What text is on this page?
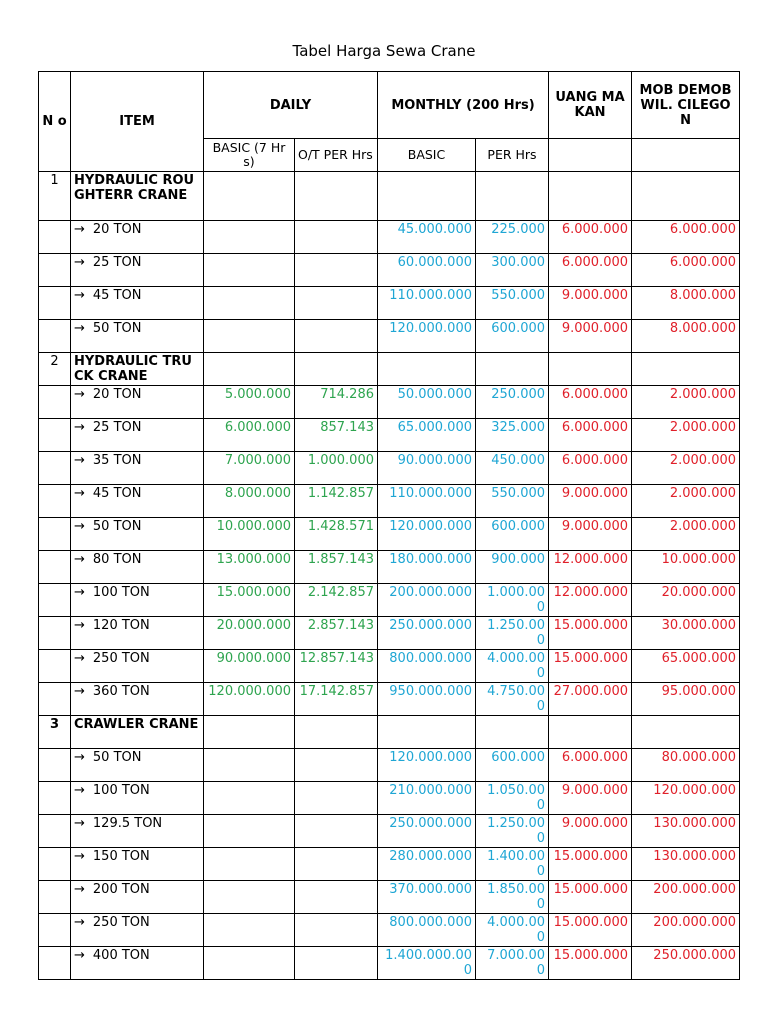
Tabel Harga Sewa Crane
N o	ITEM	DAILY		MONTHLY (200 Hrs)		UANG MAKAN	MOB DEMOB WIL. CILEGON
		BASIC (7 Hrs)	O/T PER Hrs	BASIC	PER Hrs		
1	HYDRAULIC ROUGHTERR CRANE						
	→ 20 TON			45.000.000	225.000	6.000.000	6.000.000
	→ 25 TON			60.000.000	300.000	6.000.000	6.000.000
	→ 45 TON			110.000.000	550.000	9.000.000	8.000.000
	→ 50 TON			120.000.000	600.000	9.000.000	8.000.000
2	HYDRAULIC TRUCK CRANE						
	→ 20 TON	5.000.000	714.286	50.000.000	250.000	6.000.000	2.000.000
	→ 25 TON	6.000.000	857.143	65.000.000	325.000	6.000.000	2.000.000
	→ 35 TON	7.000.000	1.000.000	90.000.000	450.000	6.000.000	2.000.000
	→ 45 TON	8.000.000	1.142.857	110.000.000	550.000	9.000.000	2.000.000
	→ 50 TON	10.000.000	1.428.571	120.000.000	600.000	9.000.000	2.000.000
	→ 80 TON	13.000.000	1.857.143	180.000.000	900.000	12.000.000	10.000.000
	→ 100 TON	15.000.000	2.142.857	200.000.000	1.000.000	12.000.000	20.000.000
	→ 120 TON	20.000.000	2.857.143	250.000.000	1.250.000	15.000.000	30.000.000
	→ 250 TON	90.000.000	12.857.143	800.000.000	4.000.000	15.000.000	65.000.000
	→ 360 TON	120.000.000	17.142.857	950.000.000	4.750.000	27.000.000	95.000.000
3	CRAWLER CRANE						
	→ 50 TON			120.000.000	600.000	6.000.000	80.000.000
	→ 100 TON			210.000.000	1.050.000	9.000.000	120.000.000
	→ 129.5 TON			250.000.000	1.250.000	9.000.000	130.000.000
	→ 150 TON			280.000.000	1.400.000	15.000.000	130.000.000
	→ 200 TON			370.000.000	1.850.000	15.000.000	200.000.000
	→ 250 TON			800.000.000	4.000.000	15.000.000	200.000.000
	→ 400 TON			1.400.000.000	7.000.000	15.000.000	250.000.000
